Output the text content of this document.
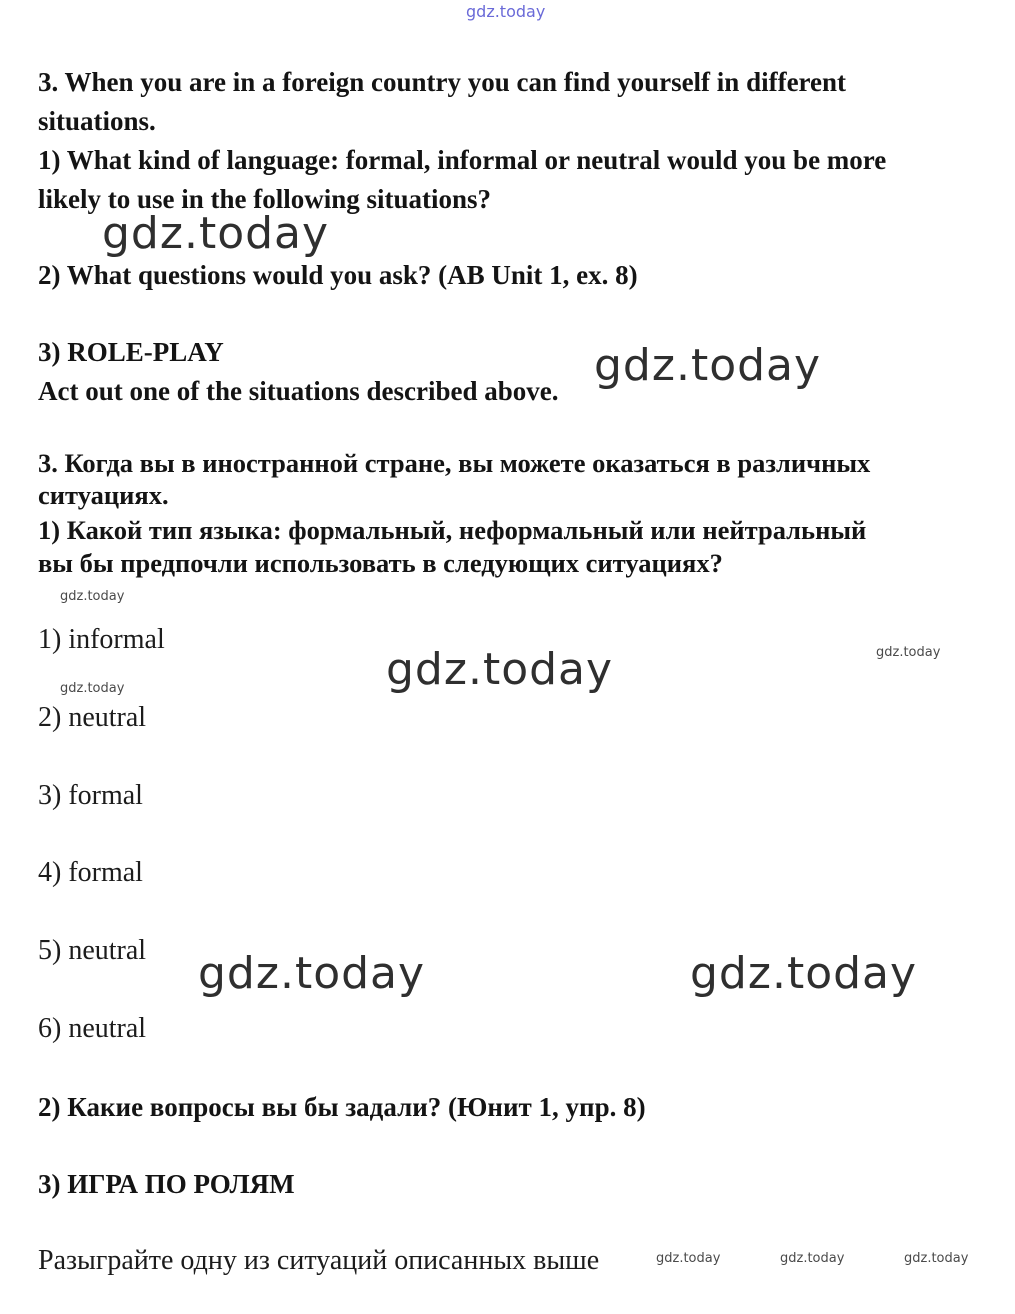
gdz.today
gdz.today
gdz.today
gdz.today
gdz.today	gdz.today
gdz.today
gdz.today	gdz.today
gdz.today	gdz.today	gdz.today

3. When you are in a foreign country you can find yourself in different

situations.

1) What kind of language: formal, informal or neutral would you be more

likely to use in the following situations?

2) What questions would you ask? (AB Unit 1, ex. 8)

3) ROLE-PLAY

Act out one of the situations described above.

3. Когда вы в иностранной стране, вы можете оказаться в различных

ситуациях.

1) Какой тип языка: формальный, неформальный или нейтральный

вы бы предпочли использовать в следующих ситуациях?

1) informal

2) neutral

3) formal

4) formal

5) neutral

6) neutral

2) Какие вопросы вы бы задали? (Юнит 1, упр. 8)

3) ИГРА ПО РОЛЯМ

Разыграйте одну из ситуаций описанных выше
